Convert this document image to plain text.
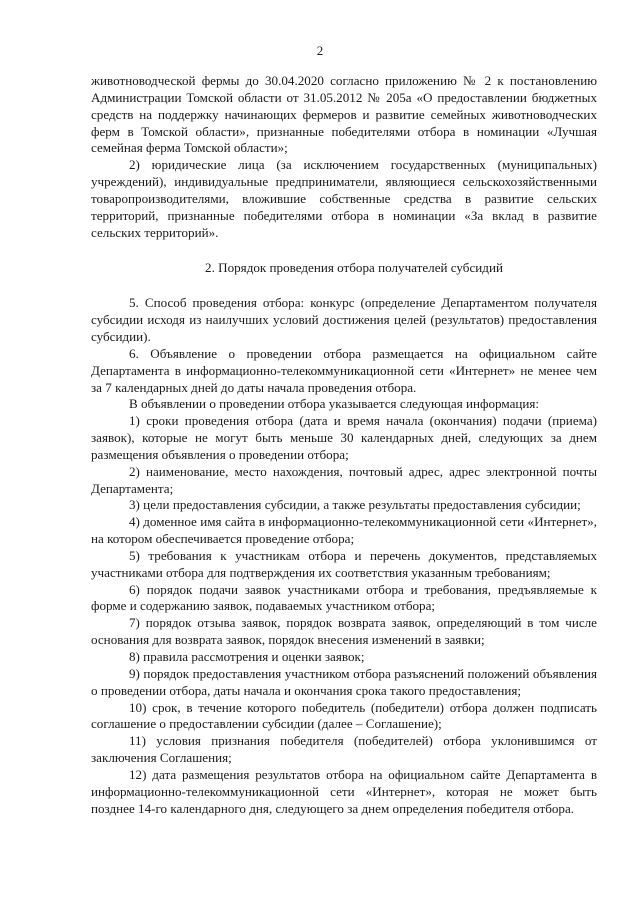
2

животноводческой фермы до 30.04.2020 согласно приложению № 2 к постановлению Администрации Томской области от 31.05.2012 № 205а «О предоставлении бюджетных средств на поддержку начинающих фермеров и развитие семейных животноводческих ферм в Томской области», признанные победителями отбора в номинации «Лучшая семейная ферма Томской области»;

2) юридические лица (за исключением государственных (муниципальных) учреждений), индивидуальные предприниматели, являющиеся сельскохозяйственными товаропроизводителями, вложившие собственные средства в развитие сельских территорий, признанные победителями отбора в номинации «За вклад в развитие сельских территорий».

2. Порядок проведения отбора получателей субсидий

5. Способ проведения отбора: конкурс (определение Департаментом получателя субсидии исходя из наилучших условий достижения целей (результатов) предоставления субсидии).

6. Объявление о проведении отбора размещается на официальном сайте Департамента в информационно-телекоммуникационной сети «Интернет» не менее чем за 7 календарных дней до даты начала проведения отбора.

В объявлении о проведении отбора указывается следующая информация:

1) сроки проведения отбора (дата и время начала (окончания) подачи (приема) заявок), которые не могут быть меньше 30 календарных дней, следующих за днем размещения объявления о проведении отбора;

2) наименование, место нахождения, почтовый адрес, адрес электронной почты Департамента;

3) цели предоставления субсидии, а также результаты предоставления субсидии;

4) доменное имя сайта в информационно-телекоммуникационной сети «Интернет», на котором обеспечивается проведение отбора;

5) требования к участникам отбора и перечень документов, представляемых участниками отбора для подтверждения их соответствия указанным требованиям;

6) порядок подачи заявок участниками отбора и требования, предъявляемые к форме и содержанию заявок, подаваемых участником отбора;

7) порядок отзыва заявок, порядок возврата заявок, определяющий в том числе основания для возврата заявок, порядок внесения изменений в заявки;

8) правила рассмотрения и оценки заявок;

9) порядок предоставления участником отбора разъяснений положений объявления о проведении отбора, даты начала и окончания срока такого предоставления;

10) срок, в течение которого победитель (победители) отбора должен подписать соглашение о предоставлении субсидии (далее – Соглашение);

11) условия признания победителя (победителей) отбора уклонившимся от заключения Соглашения;

12) дата размещения результатов отбора на официальном сайте Департамента в информационно-телекоммуникационной сети «Интернет», которая не может быть позднее 14-го календарного дня, следующего за днем определения победителя отбора.
